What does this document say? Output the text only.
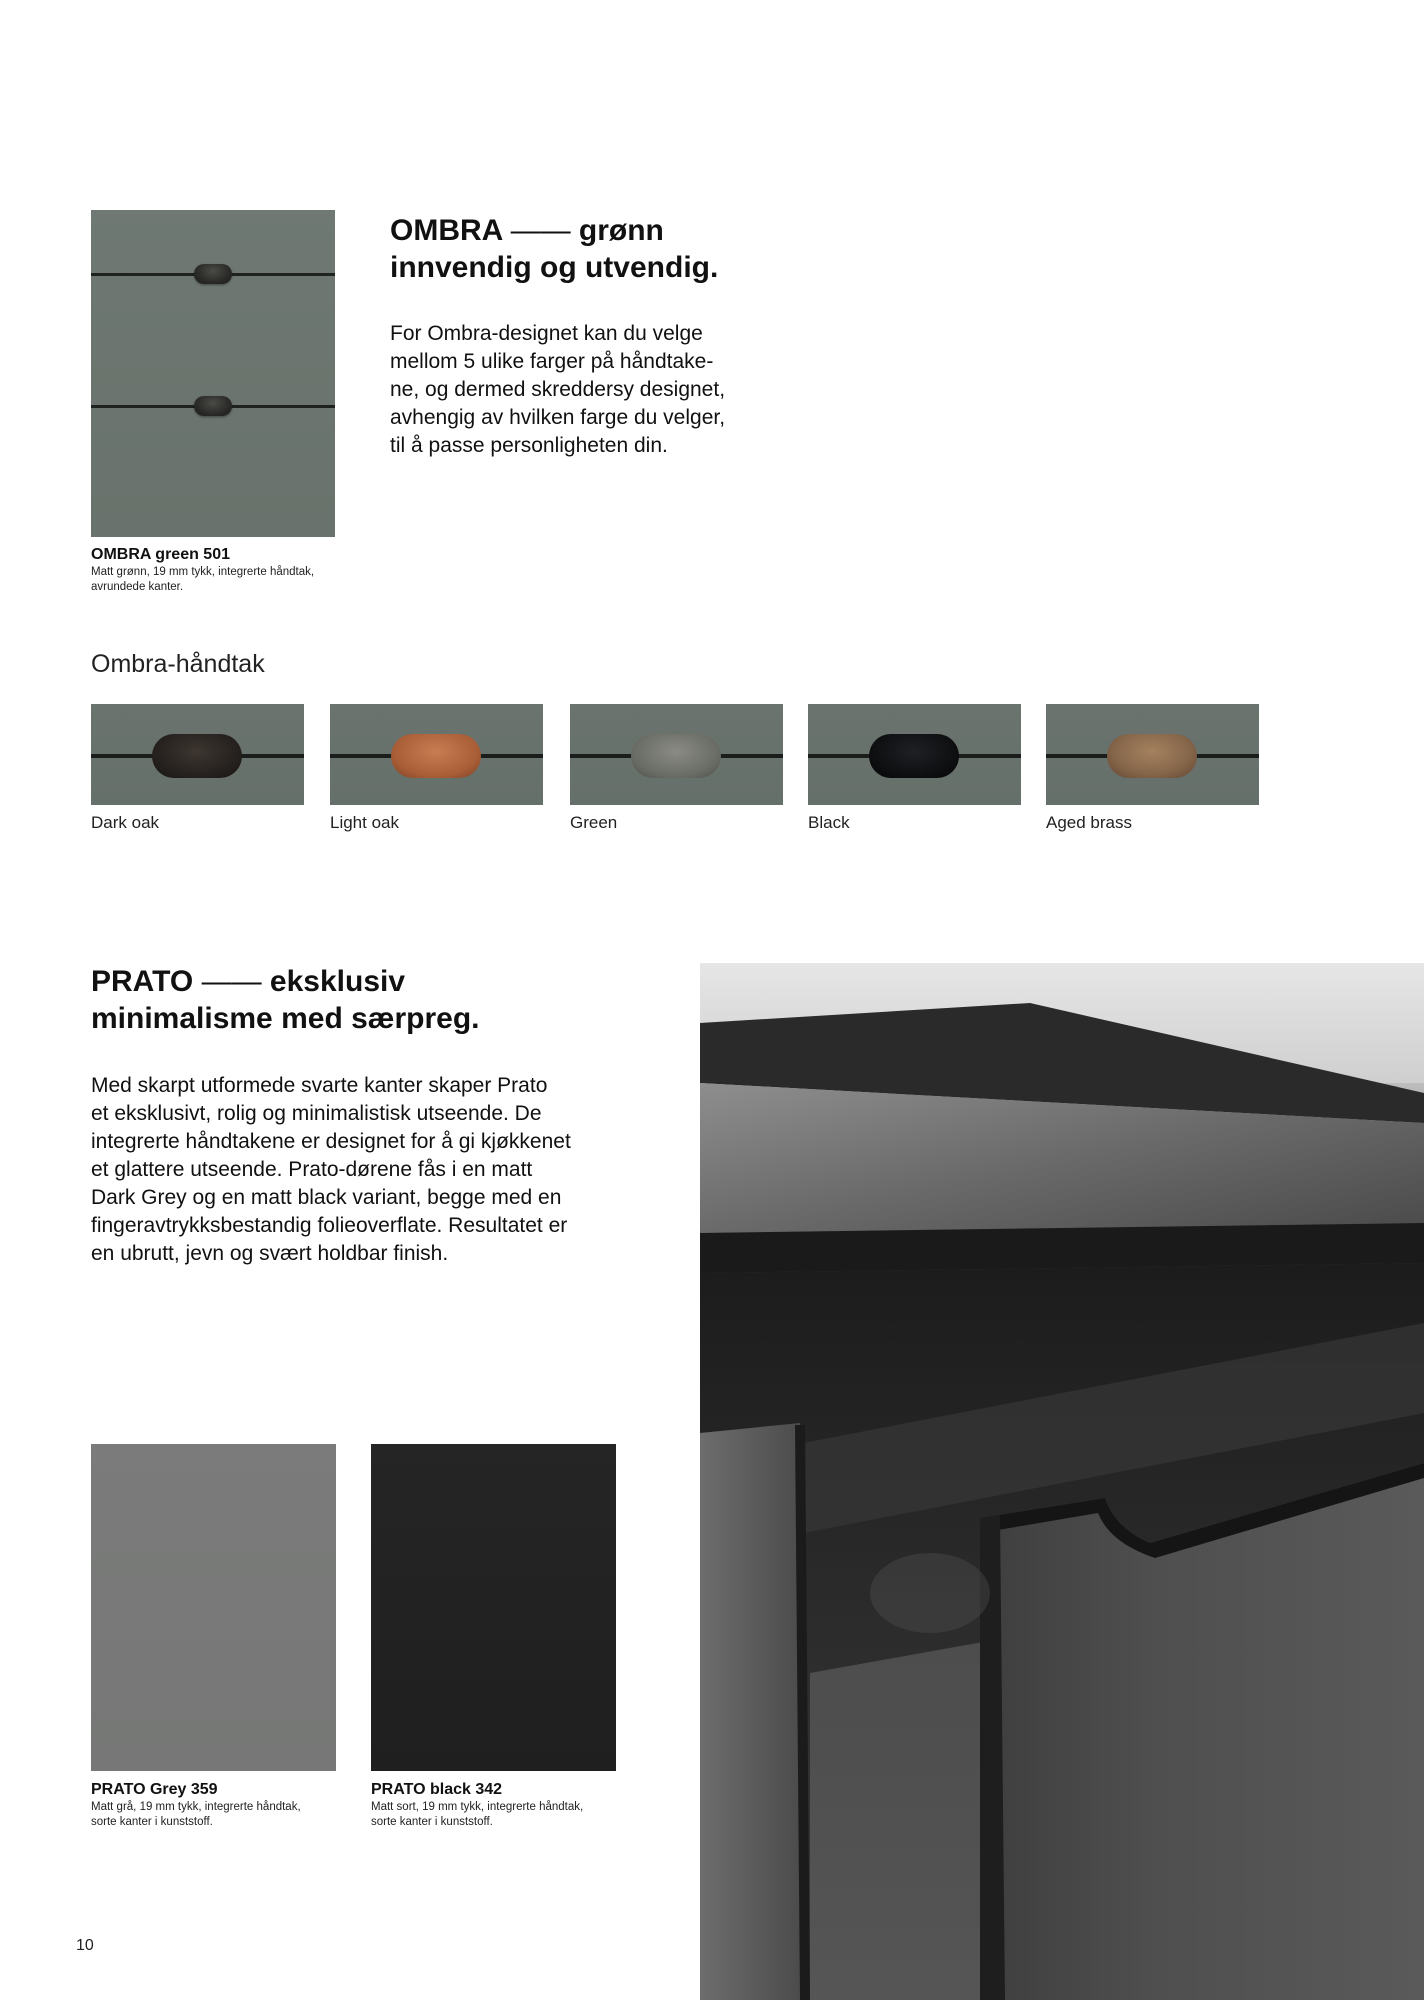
OMBRA —— grønn
innvendig og utvendig.
For Ombra-designet kan du velge
mellom 5 ulike farger på håndtake-
ne, og dermed skreddersy designet,
avhengig av hvilken farge du velger,
til å passe personligheten din.
OMBRA green 501
Matt grønn, 19 mm tykk, integrerte håndtak,
avrundede kanter.
Ombra-håndtak
Dark oak	Light oak	Green	Black	Aged brass
PRATO —— eksklusiv
minimalisme med særpreg.
Med skarpt utformede svarte kanter skaper Prato
et eksklusivt, rolig og minimalistisk utseende. De
integrerte håndtakene er designet for å gi kjøkkenet
et glattere utseende. Prato-dørene fås i en matt
Dark Grey og en matt black variant, begge med en
fingeravtrykksbestandig folieoverflate. Resultatet er
en ubrutt, jevn og svært holdbar finish.
PRATO Grey 359
Matt grå, 19 mm tykk, integrerte håndtak,
sorte kanter i kunststoff.
PRATO black 342
Matt sort, 19 mm tykk, integrerte håndtak,
sorte kanter i kunststoff.
10
